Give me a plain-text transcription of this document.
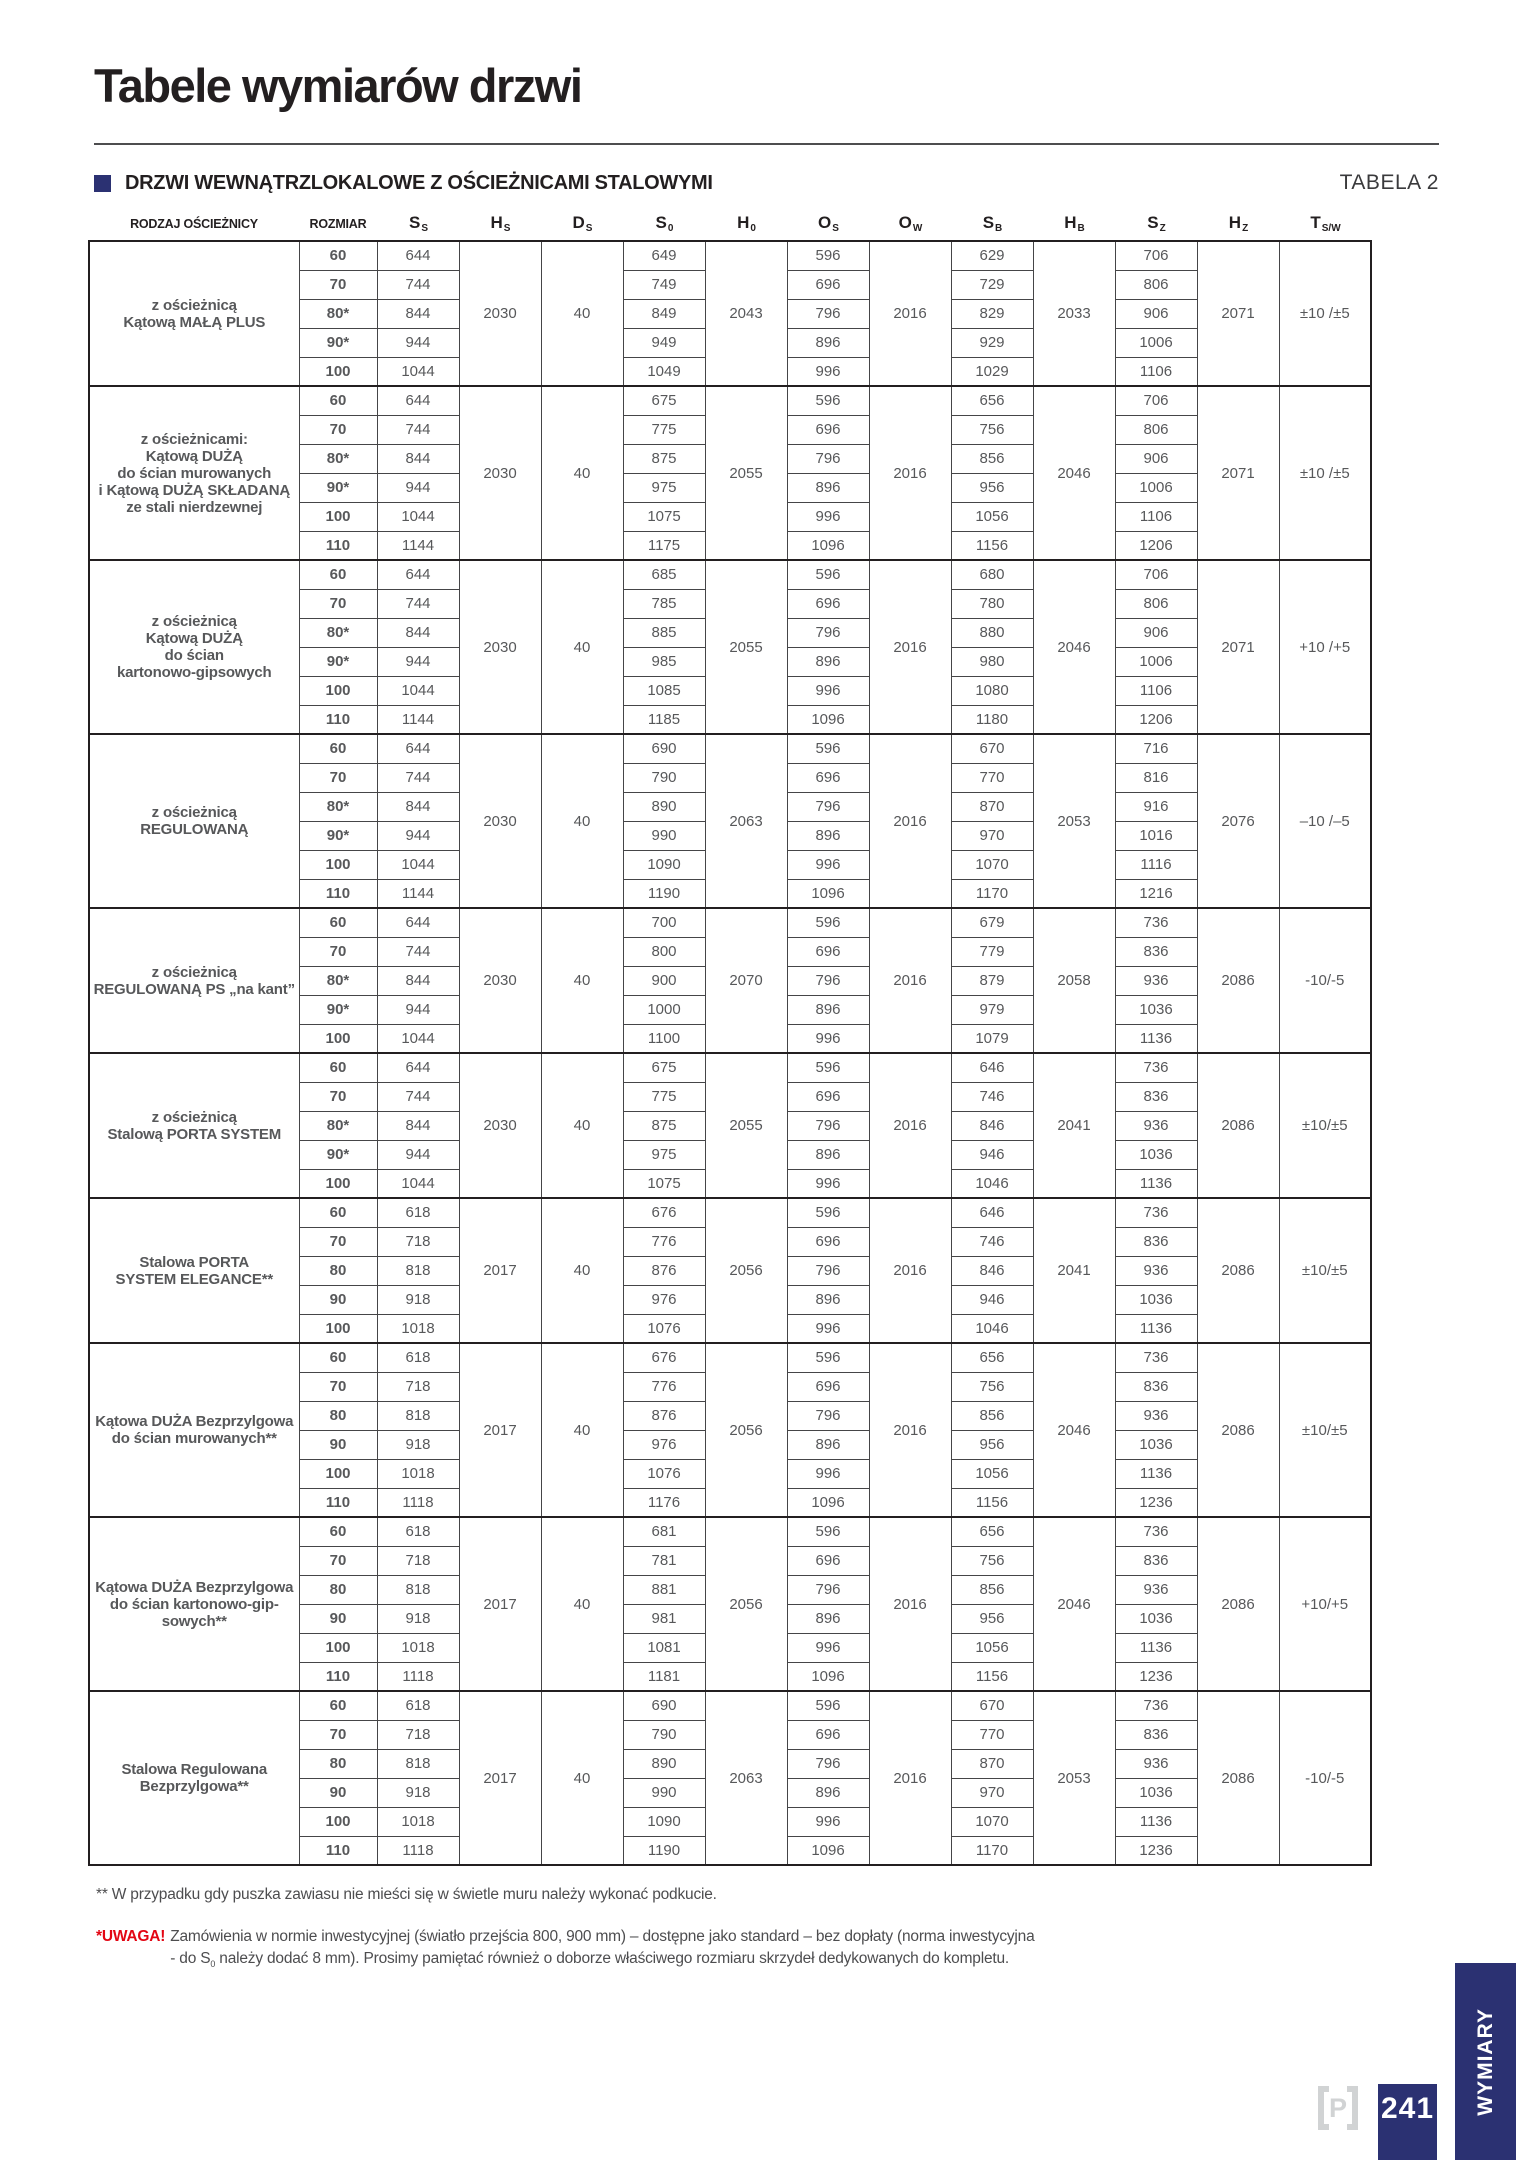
Tabele wymiarów drzwi
DRZWI WEWNĄTRZLOKALOWE Z OŚCIEŻNICAMI STALOWYMI	TABELA 2
RODZAJ OŚCIEŻNICY	ROZMIAR	SS	HS	DS	S0	H0	OS	OW	SB	HB	SZ	HZ	TS/W
z ościeżnicą
Kątową MAŁĄ PLUS	60	644	2030	40	649	2043	596	2016	629	2033	706	2071	±10 /±5
	70	744			749		696		729		806		
	80*	844			849		796		829		906		
	90*	944			949		896		929		1006		
	100	1044			1049		996		1029		1106		
z ościeżnicami:
Kątową DUŻĄ
do ścian murowanych
i Kątową DUŻĄ SKŁADANĄ
ze stali nierdzewnej	60	644	2030	40	675	2055	596	2016	656	2046	706	2071	±10 /±5
	70	744			775		696		756		806		
	80*	844			875		796		856		906		
	90*	944			975		896		956		1006		
	100	1044			1075		996		1056		1106		
	110	1144			1175		1096		1156		1206		
z ościeżnicą
Kątową DUŻĄ
do ścian
kartonowo-gipsowych	60	644	2030	40	685	2055	596	2016	680	2046	706	2071	+10 /+5
	70	744			785		696		780		806		
	80*	844			885		796		880		906		
	90*	944			985		896		980		1006		
	100	1044			1085		996		1080		1106		
	110	1144			1185		1096		1180		1206		
z ościeżnicą
REGULOWANĄ	60	644	2030	40	690	2063	596	2016	670	2053	716	2076	–10 /–5
	70	744			790		696		770		816		
	80*	844			890		796		870		916		
	90*	944			990		896		970		1016		
	100	1044			1090		996		1070		1116		
	110	1144			1190		1096		1170		1216		
z ościeżnicą
REGULOWANĄ PS „na kant”	60	644	2030	40	700	2070	596	2016	679	2058	736	2086	-10/-5
	70	744			800		696		779		836		
	80*	844			900		796		879		936		
	90*	944			1000		896		979		1036		
	100	1044			1100		996		1079		1136		
z ościeżnicą
Stalową PORTA SYSTEM	60	644	2030	40	675	2055	596	2016	646	2041	736	2086	±10/±5
	70	744			775		696		746		836		
	80*	844			875		796		846		936		
	90*	944			975		896		946		1036		
	100	1044			1075		996		1046		1136		
Stalowa PORTA
SYSTEM ELEGANCE**	60	618	2017	40	676	2056	596	2016	646	2041	736	2086	±10/±5
	70	718			776		696		746		836		
	80	818			876		796		846		936		
	90	918			976		896		946		1036		
	100	1018			1076		996		1046		1136		
Kątowa DUŻA Bezprzylgowa
do ścian murowanych**	60	618	2017	40	676	2056	596	2016	656	2046	736	2086	±10/±5
	70	718			776		696		756		836		
	80	818			876		796		856		936		
	90	918			976		896		956		1036		
	100	1018			1076		996		1056		1136		
	110	1118			1176		1096		1156		1236		
Kątowa DUŻA Bezprzylgowa
do ścian kartonowo-gip-
sowych**	60	618	2017	40	681	2056	596	2016	656	2046	736	2086	+10/+5
	70	718			781		696		756		836		
	80	818			881		796		856		936		
	90	918			981		896		956		1036		
	100	1018			1081		996		1056		1136		
	110	1118			1181		1096		1156		1236		
Stalowa Regulowana
Bezprzylgowa**	60	618	2017	40	690	2063	596	2016	670	2053	736	2086	-10/-5
	70	718			790		696		770		836		
	80	818			890		796		870		936		
	90	918			990		896		970		1036		
	100	1018			1090		996		1070		1136		
	110	1118			1190		1096		1170		1236		

** W przypadku gdy puszka zawiasu nie mieści się w świetle muru należy wykonać podkucie.

*UWAGA! Zamówienia w normie inwestycyjnej (światło przejścia 800, 900 mm) – dostępne jako standard – bez dopłaty (norma inwestycyjna
- do $S_0$ należy dodać 8 mm). Prosimy pamiętać również o doborze właściwego rozmiaru skrzydeł dedykowanych do kompletu.
WYMIARY
241
P
